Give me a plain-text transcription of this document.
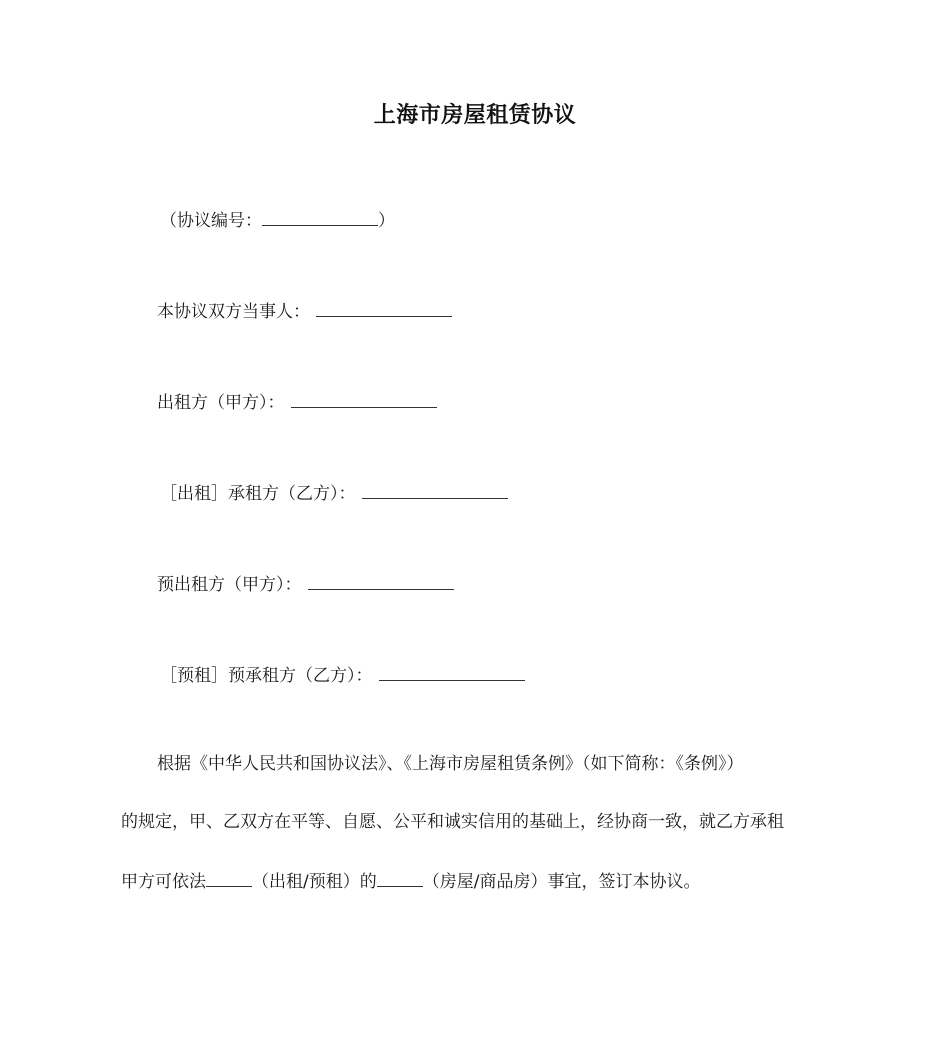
上海市房屋租赁协议
（协议编号：	）
本协议双方当事人：
出租方（甲方）：
［出租］承租方（乙方）：
预出租方（甲方）：
［预租］预承租方（乙方）：
根据《中华人民共和国协议法》、《上海市房屋租赁条例》（如下简称：《条例》）
的规定，甲、乙双方在平等、自愿、公平和诚实信用的基础上，经协商一致，就乙方承租
甲方可依法	（出租/预租）的	（房屋/商品房）事宜，签订本协议。
